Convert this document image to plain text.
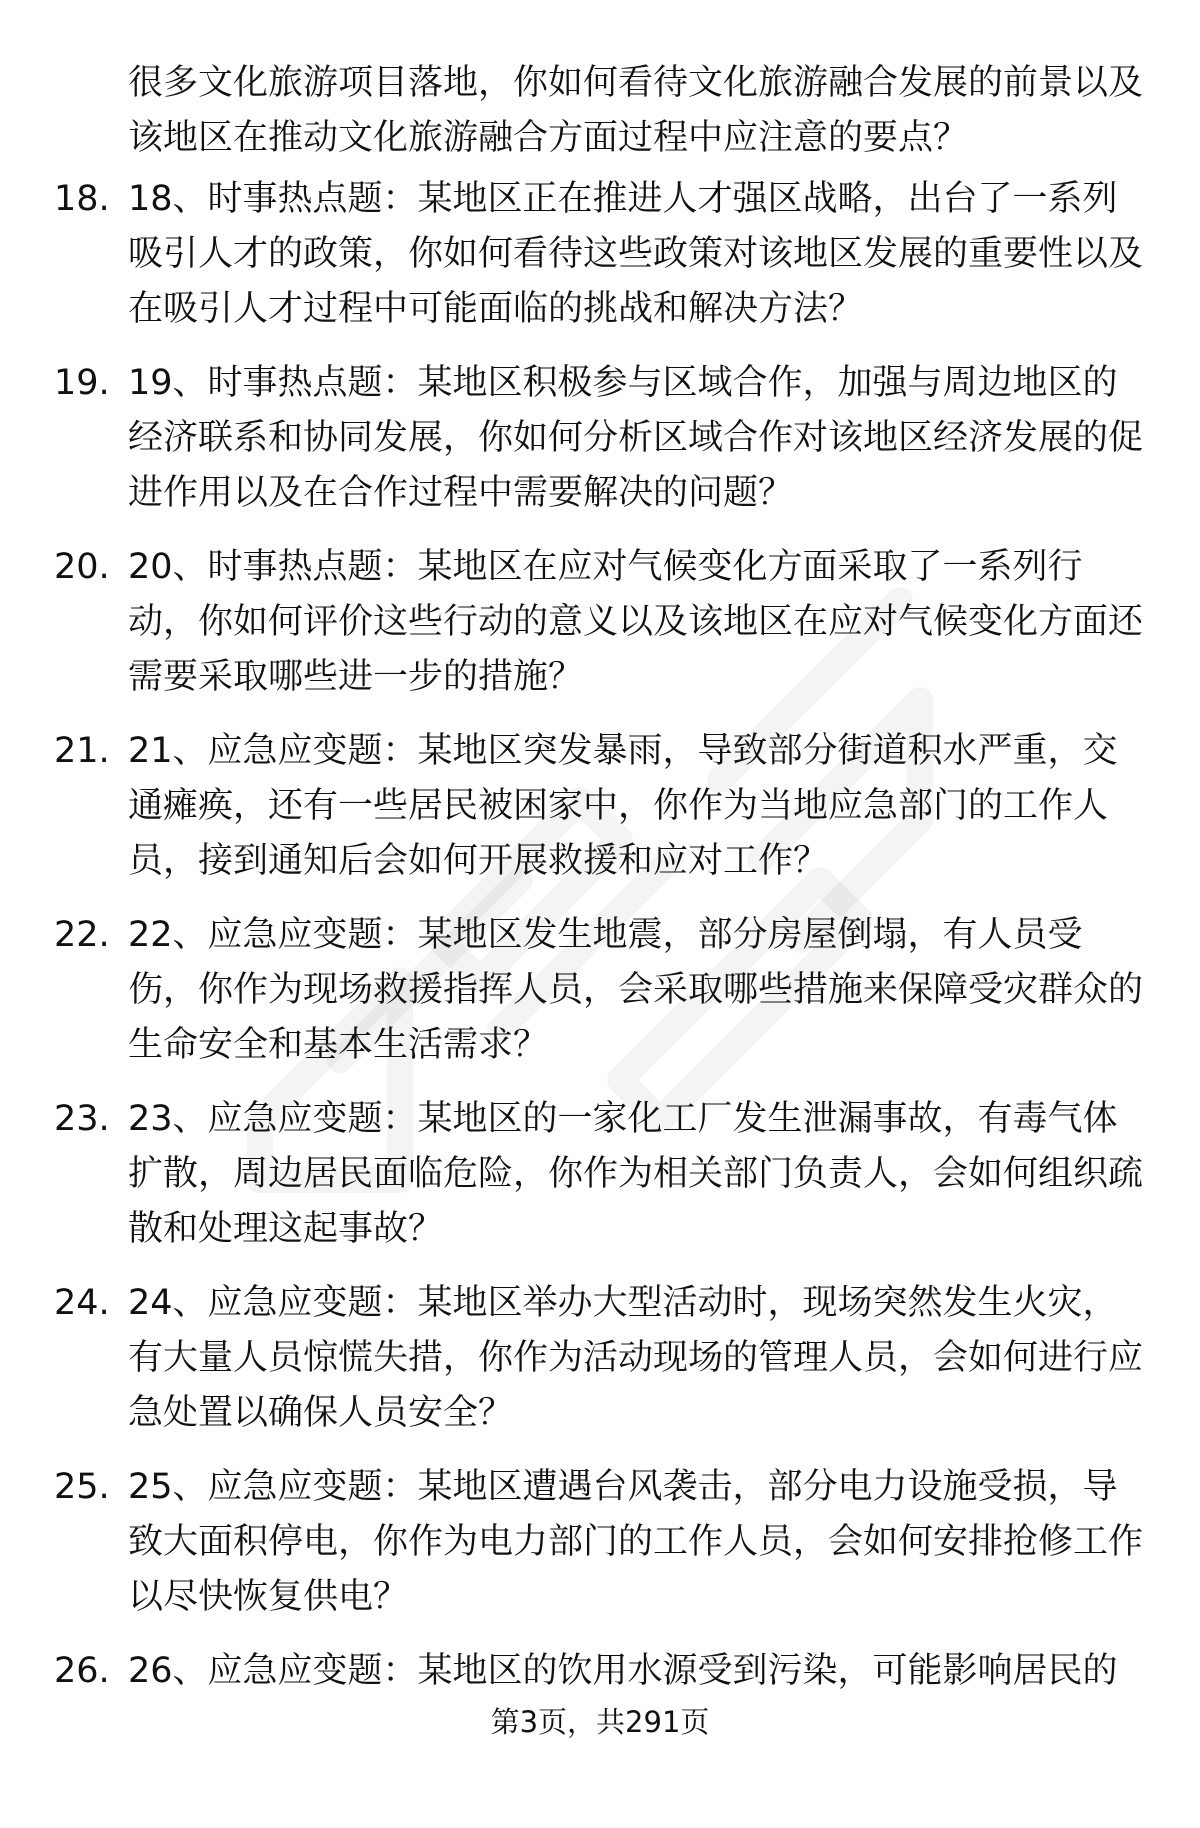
很多文化旅游项目落地，你如何看待文化旅游融合发展的前景以及该地区在推动文化旅游融合方面过程中应注意的要点？

18. 18、时事热点题：某地区正在推进人才强区战略，出台了一系列吸引人才的政策，你如何看待这些政策对该地区发展的重要性以及在吸引人才过程中可能面临的挑战和解决方法？

19. 19、时事热点题：某地区积极参与区域合作，加强与周边地区的经济联系和协同发展，你如何分析区域合作对该地区经济发展的促进作用以及在合作过程中需要解决的问题？

20. 20、时事热点题：某地区在应对气候变化方面采取了一系列行动，你如何评价这些行动的意义以及该地区在应对气候变化方面还需要采取哪些进一步的措施？

21. 21、应急应变题：某地区突发暴雨，导致部分街道积水严重，交通瘫痪，还有一些居民被困家中，你作为当地应急部门的工作人员，接到通知后会如何开展救援和应对工作？

22. 22、应急应变题：某地区发生地震，部分房屋倒塌，有人员受伤，你作为现场救援指挥人员，会采取哪些措施来保障受灾群众的生命安全和基本生活需求？

23. 23、应急应变题：某地区的一家化工厂发生泄漏事故，有毒气体扩散，周边居民面临危险，你作为相关部门负责人，会如何组织疏散和处理这起事故？

24. 24、应急应变题：某地区举办大型活动时，现场突然发生火灾，有大量人员惊慌失措，你作为活动现场的管理人员，会如何进行应急处置以确保人员安全？

25. 25、应急应变题：某地区遭遇台风袭击，部分电力设施受损，导致大面积停电，你作为电力部门的工作人员，会如何安排抢修工作以尽快恢复供电？

26. 26、应急应变题：某地区的饮用水源受到污染，可能影响居民的

第3页，共291页
